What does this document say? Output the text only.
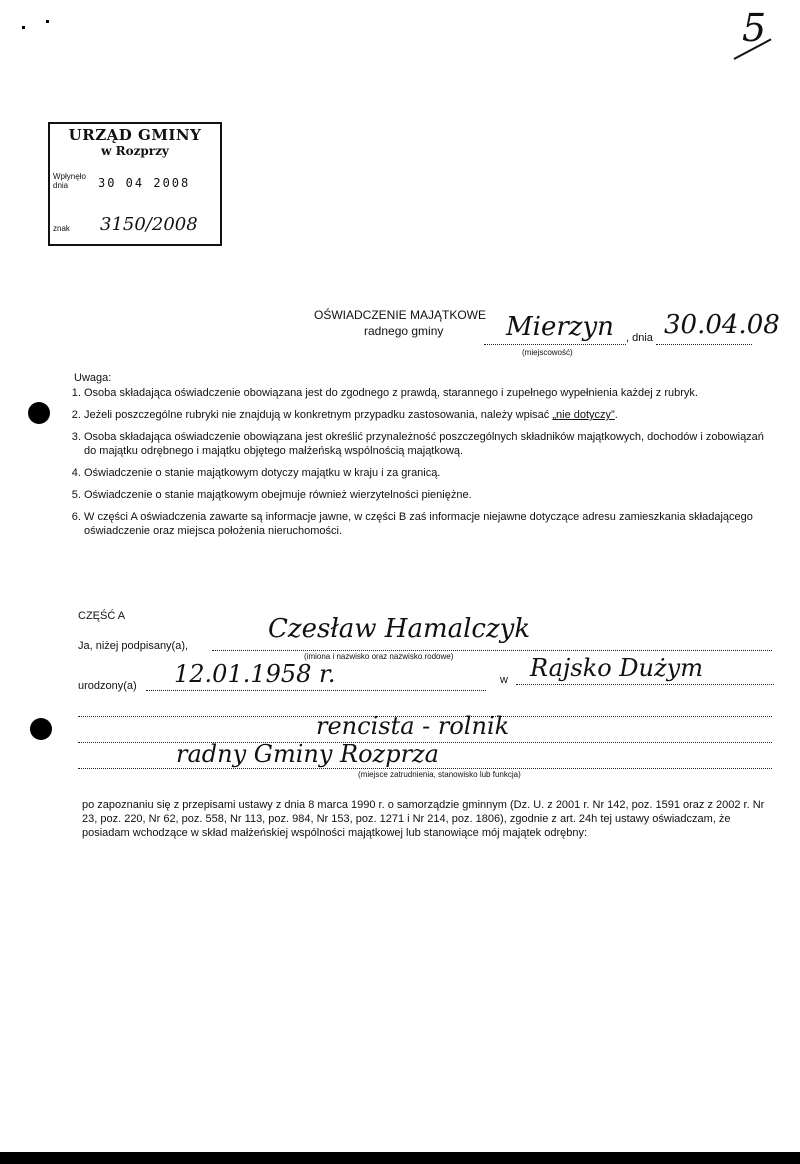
5
URZĄD GMINY
w Rozprzy
Wpłynęło dnia	30 04 2008
znak 3150/2008
OŚWIADCZENIE MAJĄTKOWE
radnego gminy Mierzyn
(miejscowość)
, dnia 30.04.08
Uwaga:
1. Osoba składająca oświadczenie obowiązana jest do zgodnego z prawdą, starannego i zupełnego wypełnienia każdej z rubryk.
2. Jeżeli poszczególne rubryki nie znajdują w konkretnym przypadku zastosowania, należy wpisać „nie dotyczy”.
3. Osoba składająca oświadczenie obowiązana jest określić przynależność poszczególnych składników majątkowych, dochodów i zobowiązań do majątku odrębnego i majątku objętego małżeńską wspólnością majątkową.
4. Oświadczenie o stanie majątkowym dotyczy majątku w kraju i za granicą.
5. Oświadczenie o stanie majątkowym obejmuje również wierzytelności pieniężne.
6. W części A oświadczenia zawarte są informacje jawne, w części B zaś informacje niejawne dotyczące adresu zamieszkania składającego oświadczenie oraz miejsca położenia nieruchomości.
CZĘŚĆ A
Ja, niżej podpisany(a),
Czesław Hamalczyk
(imiona i nazwisko oraz nazwisko rodowe)
urodzony(a) 12.01.1958 r.	w Rajsko Dużym
rencista - rolnik
radny Gminy Rozprza
(miejsce zatrudnienia, stanowisko lub funkcja)
po zapoznaniu się z przepisami ustawy z dnia 8 marca 1990 r. o samorządzie gminnym (Dz. U. z 2001 r. Nr 142, poz. 1591 oraz z 2002 r. Nr 23, poz. 220, Nr 62, poz. 558, Nr 113, poz. 984, Nr 153, poz. 1271 i Nr 214, poz. 1806), zgodnie z art. 24h tej ustawy oświadczam, że posiadam wchodzące w skład małżeńskiej wspólności majątkowej lub stanowiące mój majątek odrębny:
